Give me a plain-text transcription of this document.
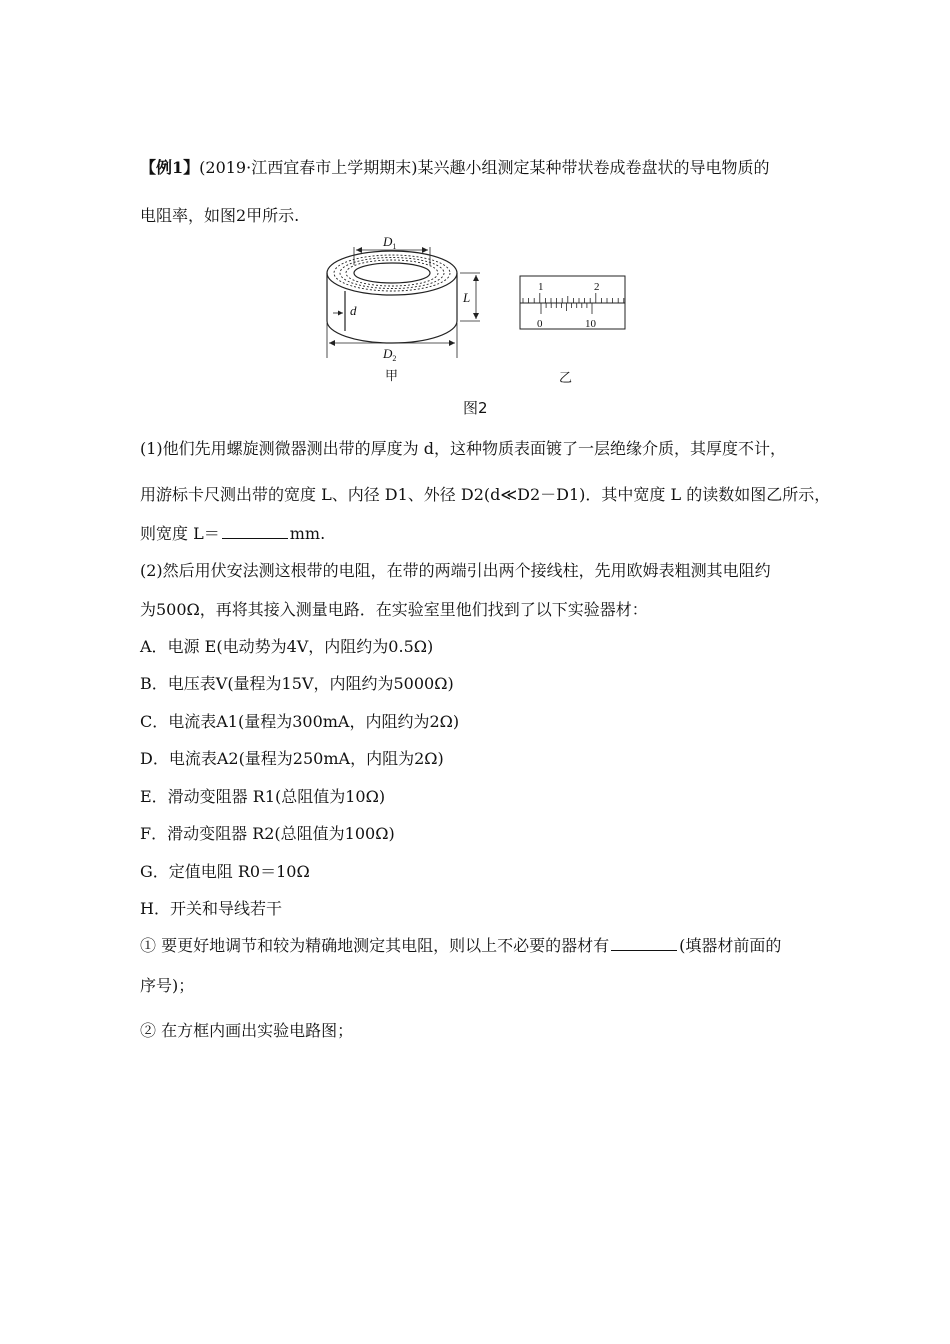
【例1】(2019·江西宜春市上学期期末)某兴趣小组测定某种带状卷成卷盘状的导电物质的
电阻率，如图2甲所示.
$D_1$
L
d
$D_2$
1	2
0	10
甲	乙
图2
(1)他们先用螺旋测微器测出带的厚度为 d，这种物质表面镀了一层绝缘介质，其厚度不计，
用游标卡尺测出带的宽度 L、内径 D1、外径 D2(d≪D2－D1)．其中宽度 L 的读数如图乙所示，
则宽度 L＝	mm.
(2)然后用伏安法测这根带的电阻，在带的两端引出两个接线柱，先用欧姆表粗测其电阻约
为500Ω，再将其接入测量电路．在实验室里他们找到了以下实验器材：
A．电源 E(电动势为4V，内阻约为0.5Ω)
B．电压表V(量程为15V，内阻约为5000Ω)
C．电流表A1(量程为300mA，内阻约为2Ω)
D．电流表A2(量程为250mA，内阻为2Ω)
E．滑动变阻器 R1(总阻值为10Ω)
F．滑动变阻器 R2(总阻值为100Ω)
G．定值电阻 R0＝10Ω
H．开关和导线若干
① 要更好地调节和较为精确地测定其电阻，则以上不必要的器材有	(填器材前面的
序号)；
② 在方框内画出实验电路图；
